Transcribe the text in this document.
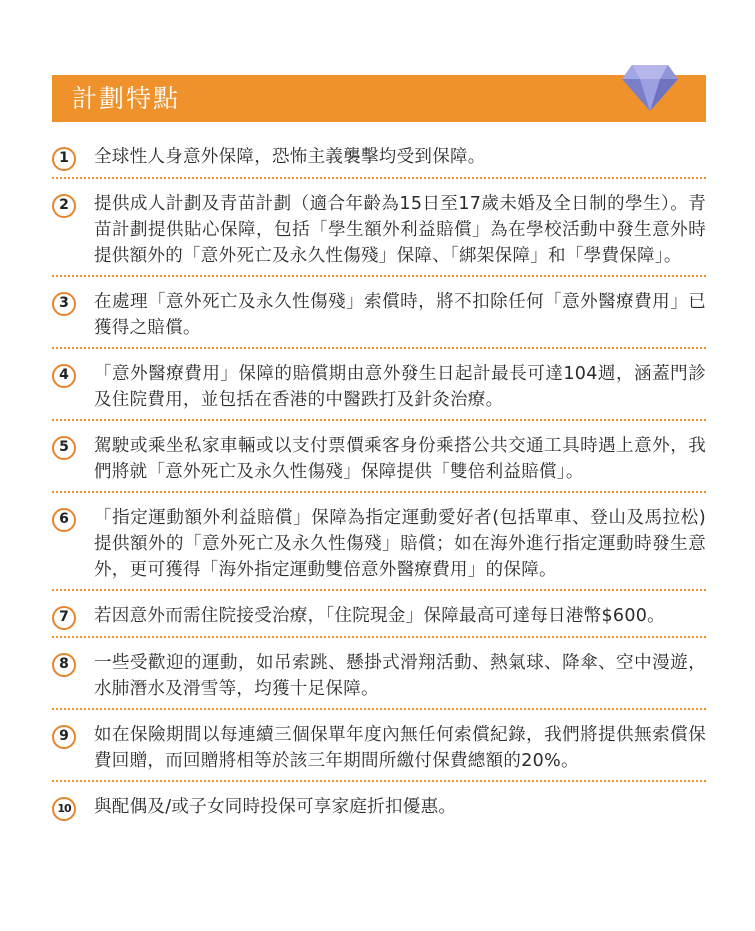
計劃特點
1	全球性人身意外保障，恐怖主義襲擊均受到保障。
2	提供成人計劃及青苗計劃（適合年齡為15日至17歲未婚及全日制的學生）。青苗計劃提供貼心保障，包括「學生額外利益賠償」為在學校活動中發生意外時提供額外的「意外死亡及永久性傷殘」保障、「綁架保障」和「學費保障」。
3	在處理「意外死亡及永久性傷殘」索償時，將不扣除任何「意外醫療費用」已獲得之賠償。
4	「意外醫療費用」保障的賠償期由意外發生日起計最長可達104週，涵蓋門診及住院費用，並包括在香港的中醫跌打及針灸治療。
5	駕駛或乘坐私家車輛或以支付票價乘客身份乘搭公共交通工具時遇上意外，我們將就「意外死亡及永久性傷殘」保障提供「雙倍利益賠償」。
6	「指定運動額外利益賠償」保障為指定運動愛好者(包括單車、登山及馬拉松)提供額外的「意外死亡及永久性傷殘」賠償；如在海外進行指定運動時發生意外，更可獲得「海外指定運動雙倍意外醫療費用」的保障。
7	若因意外而需住院接受治療，「住院現金」保障最高可達每日港幣$600。
8	一些受歡迎的運動，如吊索跳、懸掛式滑翔活動、熱氣球、降傘、空中漫遊，水肺潛水及滑雪等，均獲十足保障。
9	如在保險期間以每連續三個保單年度內無任何索償紀錄，我們將提供無索償保費回贈，而回贈將相等於該三年期間所繳付保費總額的20%。
10	與配偶及/或子女同時投保可享家庭折扣優惠。
